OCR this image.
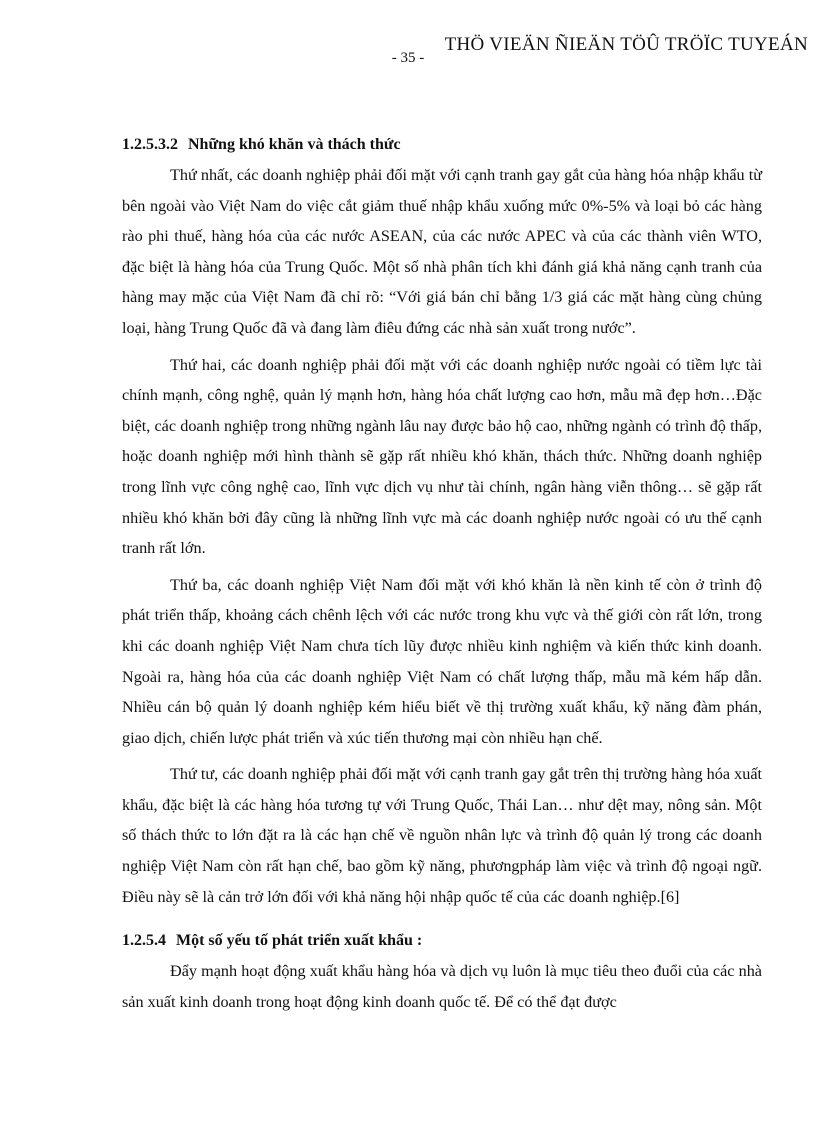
THÖ VIEÄN ÑIEÄN TÖÛ TRÖÏC TUYEÁN
- 35 -
1.2.5.3.2 Những khó khăn và thách thức

Thứ nhất, các doanh nghiệp phải đối mặt với cạnh tranh gay gắt của hàng hóa nhập khẩu từ bên ngoài vào Việt Nam do việc cắt giảm thuế nhập khẩu xuống mức 0%-5% và loại bỏ các hàng rào phi thuế, hàng hóa của các nước ASEAN, của các nước APEC và của các thành viên WTO, đặc biệt là hàng hóa của Trung Quốc. Một số nhà phân tích khi đánh giá khả năng cạnh tranh của hàng may mặc của Việt Nam đã chỉ rõ: “Với giá bán chỉ bằng 1/3 giá các mặt hàng cùng chủng loại, hàng Trung Quốc đã và đang làm điêu đứng các nhà sản xuất trong nước”.

Thứ hai, các doanh nghiệp phải đối mặt với các doanh nghiệp nước ngoài có tiềm lực tài chính mạnh, công nghệ, quản lý mạnh hơn, hàng hóa chất lượng cao hơn, mẫu mã đẹp hơn…Đặc biệt, các doanh nghiệp trong những ngành lâu nay được bảo hộ cao, những ngành có trình độ thấp, hoặc doanh nghiệp mới hình thành sẽ gặp rất nhiều khó khăn, thách thức. Những doanh nghiệp trong lĩnh vực công nghệ cao, lĩnh vực dịch vụ như tài chính, ngân hàng viễn thông… sẽ gặp rất nhiều khó khăn bởi đây cũng là những lĩnh vực mà các doanh nghiệp nước ngoài có ưu thế cạnh tranh rất lớn.

Thứ ba, các doanh nghiệp Việt Nam đối mặt với khó khăn là nền kinh tế còn ở trình độ phát triển thấp, khoảng cách chênh lệch với các nước trong khu vực và thế giới còn rất lớn, trong khi các doanh nghiệp Việt Nam chưa tích lũy được nhiều kinh nghiệm và kiến thức kinh doanh. Ngoài ra, hàng hóa của các doanh nghiệp Việt Nam có chất lượng thấp, mẫu mã kém hấp dẫn. Nhiều cán bộ quản lý doanh nghiệp kém hiểu biết về thị trường xuất khẩu, kỹ năng đàm phán, giao dịch, chiến lược phát triển và xúc tiến thương mại còn nhiều hạn chế.

Thứ tư, các doanh nghiệp phải đối mặt với cạnh tranh gay gắt trên thị trường hàng hóa xuất khẩu, đặc biệt là các hàng hóa tương tự với Trung Quốc, Thái Lan… như dệt may, nông sản. Một số thách thức to lớn đặt ra là các hạn chế về nguồn nhân lực và trình độ quản lý trong các doanh nghiệp Việt Nam còn rất hạn chế, bao gồm kỹ năng, phươngpháp làm việc và trình độ ngoại ngữ. Điều này sẽ là cản trở lớn đối với khả năng hội nhập quốc tế của các doanh nghiệp.[6]

1.2.5.4 Một số yếu tố phát triển xuất khẩu :

Đẩy mạnh hoạt động xuất khẩu hàng hóa và dịch vụ luôn là mục tiêu theo đuổi của các nhà sản xuất kinh doanh trong hoạt động kinh doanh quốc tế. Để có thể đạt được
